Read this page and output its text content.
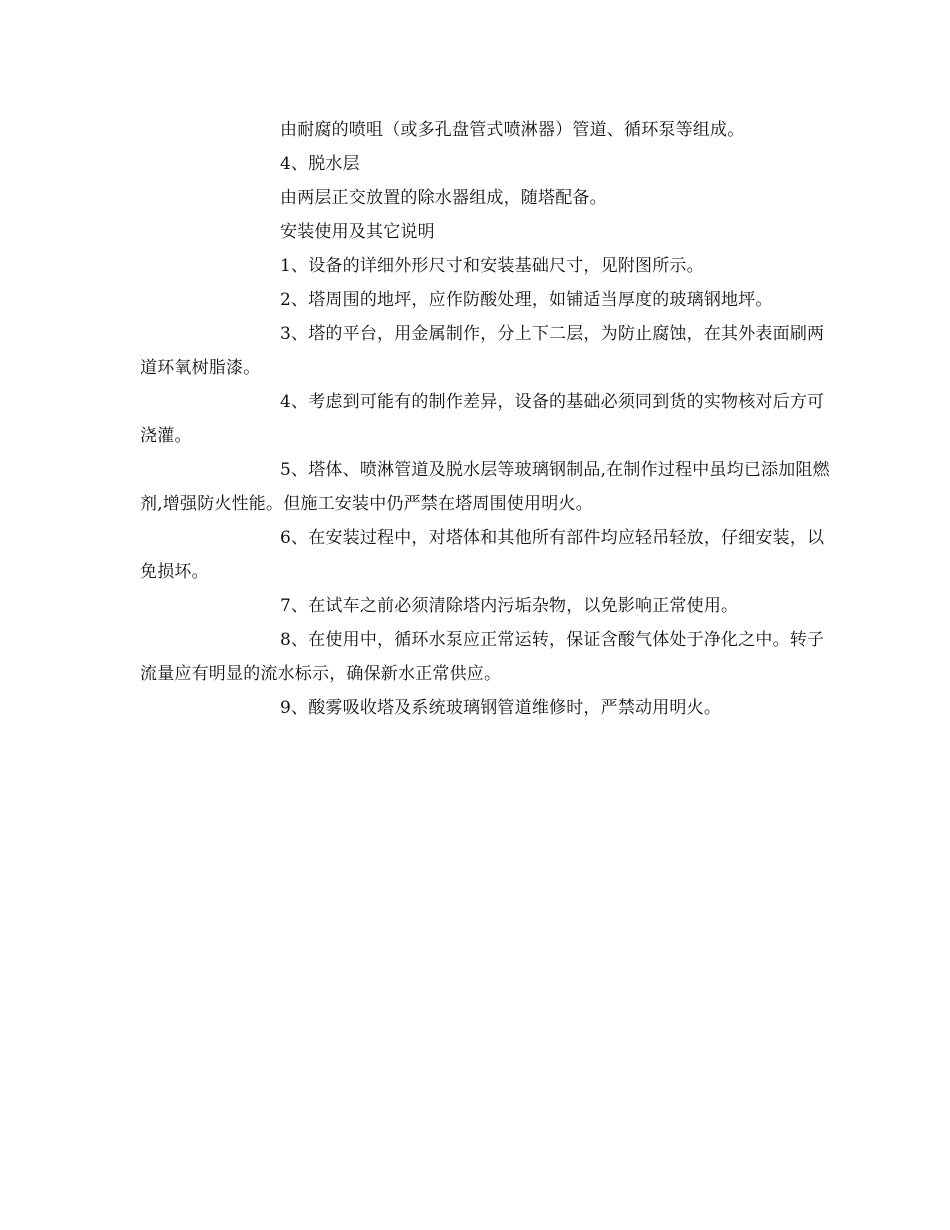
由耐腐的喷咀（或多孔盘管式喷淋器）管道、循环泵等组成。

4、脱水层

由两层正交放置的除水器组成，随塔配备。

安装使用及其它说明

1、设备的详细外形尺寸和安装基础尺寸，见附图所示。

2、塔周围的地坪，应作防酸处理，如铺适当厚度的玻璃钢地坪。

3、塔的平台，用金属制作，分上下二层，为防止腐蚀，在其外表面刷两道环氧树脂漆。

4、考虑到可能有的制作差异，设备的基础必须同到货的实物核对后方可浇灌。

5、塔体、喷淋管道及脱水层等玻璃钢制品,在制作过程中虽均已添加阻燃剂,增强防火性能。但施工安装中仍严禁在塔周围使用明火。

6、在安装过程中，对塔体和其他所有部件均应轻吊轻放，仔细安装，以免损坏。

7、在试车之前必须清除塔内污垢杂物，以免影响正常使用。

8、在使用中，循环水泵应正常运转，保证含酸气体处于净化之中。转子流量应有明显的流水标示，确保新水正常供应。

9、酸雾吸收塔及系统玻璃钢管道维修时，严禁动用明火。
